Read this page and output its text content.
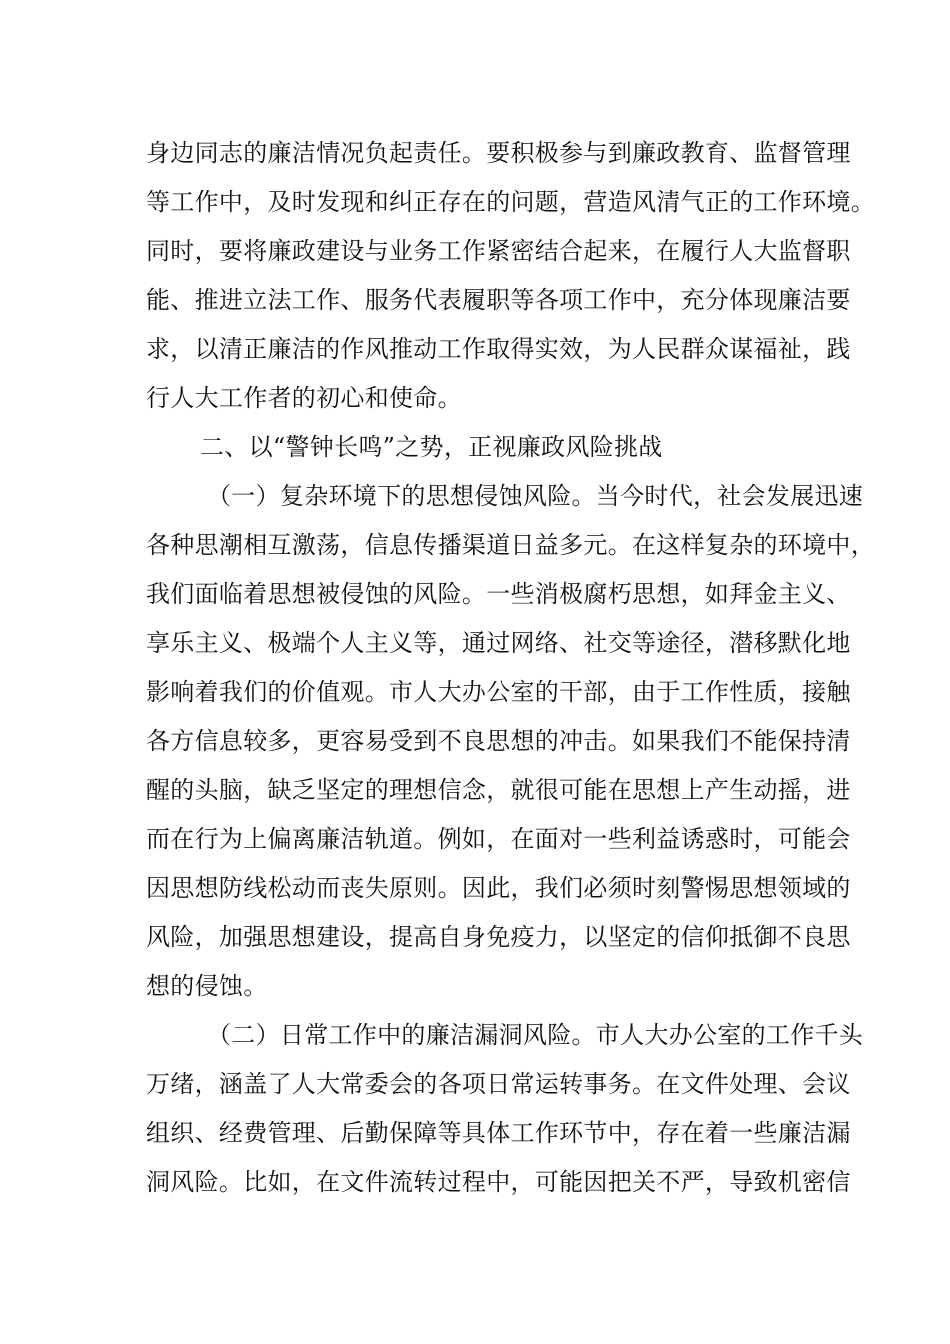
身边同志的廉洁情况负起责任。要积极参与到廉政教育、监督管理
等工作中，及时发现和纠正存在的问题，营造风清气正的工作环境。
同时，要将廉政建设与业务工作紧密结合起来，在履行人大监督职
能、推进立法工作、服务代表履职等各项工作中，充分体现廉洁要
求，以清正廉洁的作风推动工作取得实效，为人民群众谋福祉，践
行人大工作者的初心和使命。
二、以“警钟长鸣”之势，正视廉政风险挑战
（一）复杂环境下的思想侵蚀风险。当今时代，社会发展迅速
各种思潮相互激荡，信息传播渠道日益多元。在这样复杂的环境中，
我们面临着思想被侵蚀的风险。一些消极腐朽思想，如拜金主义、
享乐主义、极端个人主义等，通过网络、社交等途径，潜移默化地
影响着我们的价值观。市人大办公室的干部，由于工作性质，接触
各方信息较多，更容易受到不良思想的冲击。如果我们不能保持清
醒的头脑，缺乏坚定的理想信念，就很可能在思想上产生动摇，进
而在行为上偏离廉洁轨道。例如，在面对一些利益诱惑时，可能会
因思想防线松动而丧失原则。因此，我们必须时刻警惕思想领域的
风险，加强思想建设，提高自身免疫力，以坚定的信仰抵御不良思
想的侵蚀。
（二）日常工作中的廉洁漏洞风险。市人大办公室的工作千头
万绪，涵盖了人大常委会的各项日常运转事务。在文件处理、会议
组织、经费管理、后勤保障等具体工作环节中，存在着一些廉洁漏
洞风险。比如，在文件流转过程中，可能因把关不严，导致机密信
